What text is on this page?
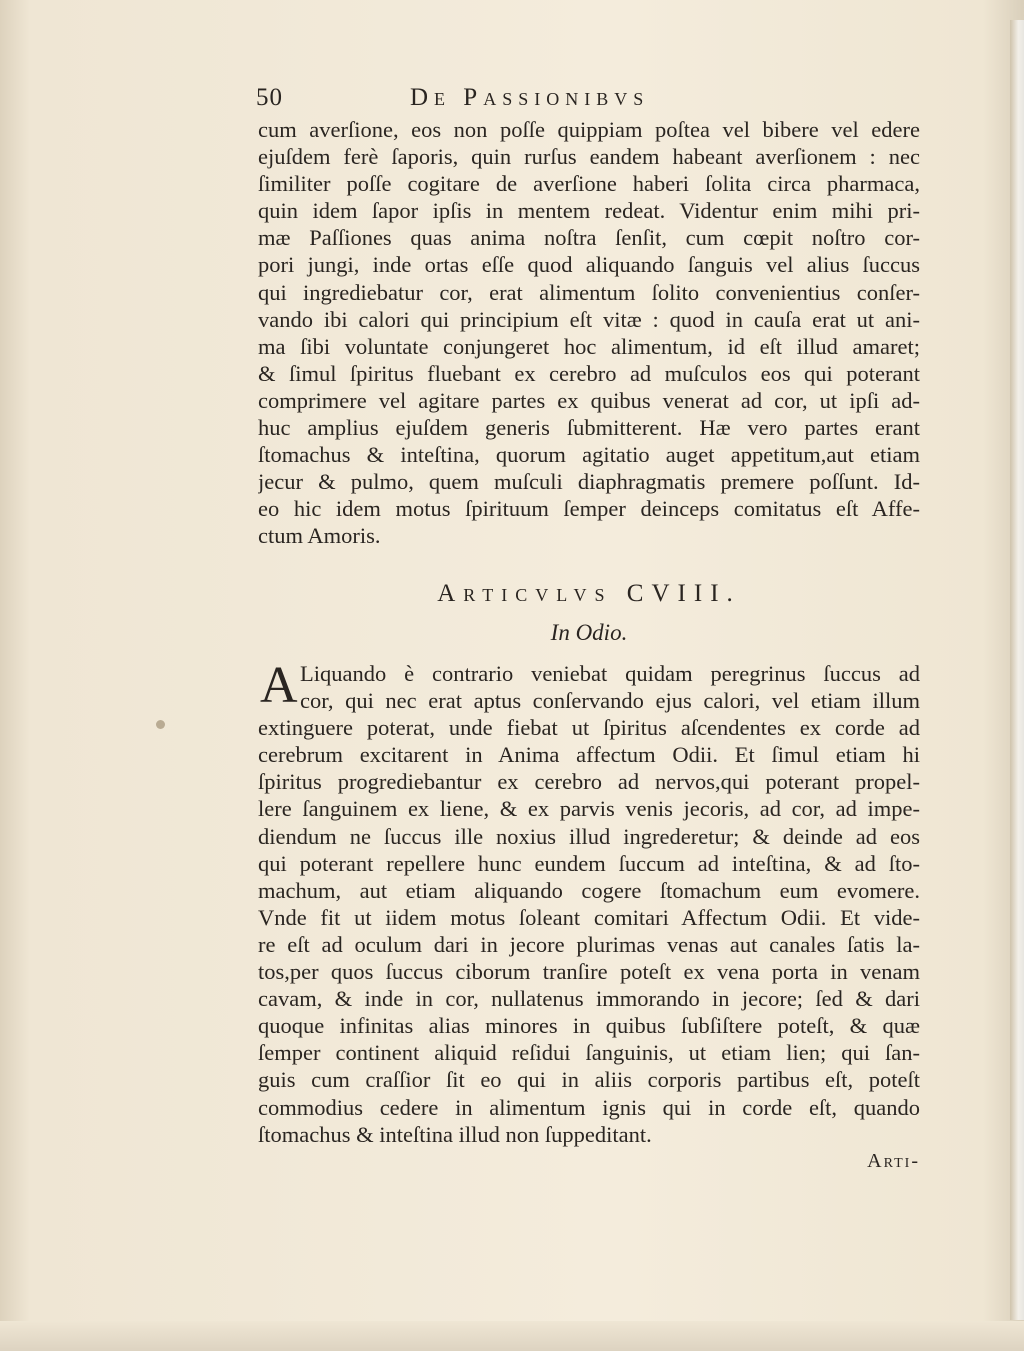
50	De Passionibvs
cum averſione, eos non poſſe quippiam poſtea vel bibere vel edere
ejuſdem ferè ſaporis, quin rurſus eandem habeant averſionem : nec
ſimiliter poſſe cogitare de averſione haberi ſolita circa pharmaca,
quin idem ſapor ipſis in mentem redeat. Videntur enim mihi pri-
mæ Paſſiones quas anima noſtra ſenſit, cum cœpit noſtro cor-
pori jungi, inde ortas eſſe quod aliquando ſanguis vel alius ſuccus
qui ingrediebatur cor, erat alimentum ſolito convenientius conſer-
vando ibi calori qui principium eſt vitæ : quod in cauſa erat ut ani-
ma ſibi voluntate conjungeret hoc alimentum, id eſt illud amaret;
& ſimul ſpiritus fluebant ex cerebro ad muſculos eos qui poterant
comprimere vel agitare partes ex quibus venerat ad cor, ut ipſi ad-
huc amplius ejuſdem generis ſubmitterent. Hæ vero partes erant
ſtomachus & inteſtina, quorum agitatio auget appetitum,aut etiam
jecur & pulmo, quem muſculi diaphragmatis premere poſſunt. Id-
eo hic idem motus ſpirituum ſemper deinceps comitatus eſt Affe-
ctum Amoris.
Articvlvs CVIII.
In Odio.
A Liquando è contrario veniebat quidam peregrinus ſuccus ad
cor, qui nec erat aptus conſervando ejus calori, vel etiam illum
extinguere poterat, unde fiebat ut ſpiritus aſcendentes ex corde ad
cerebrum excitarent in Anima affectum Odii. Et ſimul etiam hi
ſpiritus progrediebantur ex cerebro ad nervos,qui poterant propel-
lere ſanguinem ex liene, & ex parvis venis jecoris, ad cor, ad impe-
diendum ne ſuccus ille noxius illud ingrederetur; & deinde ad eos
qui poterant repellere hunc eundem ſuccum ad inteſtina, & ad ſto-
machum, aut etiam aliquando cogere ſtomachum eum evomere.
Vnde fit ut iidem motus ſoleant comitari Affectum Odii. Et vide-
re eſt ad oculum dari in jecore plurimas venas aut canales ſatis la-
tos,per quos ſuccus ciborum tranſire poteſt ex vena porta in venam
cavam, & inde in cor, nullatenus immorando in jecore; ſed & dari
quoque infinitas alias minores in quibus ſubſiſtere poteſt, & quæ
ſemper continent aliquid reſidui ſanguinis, ut etiam lien; qui ſan-
guis cum craſſior ſit eo qui in aliis corporis partibus eſt, poteſt
commodius cedere in alimentum ignis qui in corde eſt, quando
ſtomachus & inteſtina illud non ſuppeditant.
Arti-
